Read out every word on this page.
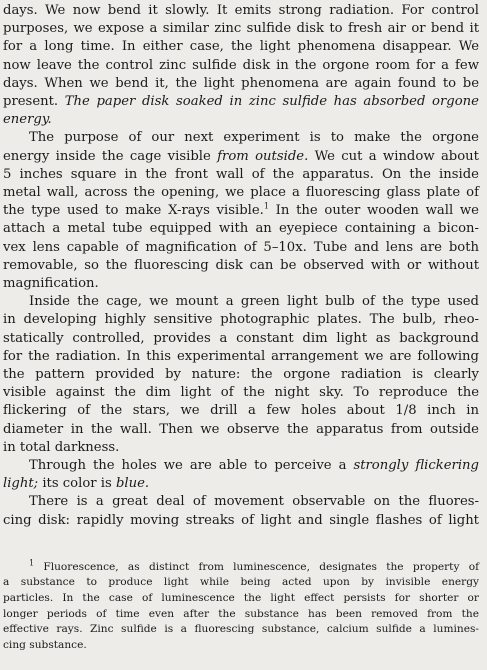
days. We now bend it slowly. It emits strong radiation. For control
purposes, we expose a similar zinc sulfide disk to fresh air or bend it
for a long time. In either case, the light phenomena disappear. We
now leave the control zinc sulfide disk in the orgone room for a few
days. When we bend it, the light phenomena are again found to be
present. The paper disk soaked in zinc sulfide has absorbed orgone
energy.
The purpose of our next experiment is to make the orgone
energy inside the cage visible from outside. We cut a window about
5 inches square in the front wall of the apparatus. On the inside
metal wall, across the opening, we place a fluorescing glass plate of
the type used to make X-rays visible.$^1$ In the outer wooden wall we
attach a metal tube equipped with an eyepiece containing a bicon-
vex lens capable of magnification of 5–10x. Tube and lens are both
removable, so the fluorescing disk can be observed with or without
magnification.
Inside the cage, we mount a green light bulb of the type used
in developing highly sensitive photographic plates. The bulb, rheo-
statically controlled, provides a constant dim light as background
for the radiation. In this experimental arrangement we are following
the pattern provided by nature: the orgone radiation is clearly
visible against the dim light of the night sky. To reproduce the
flickering of the stars, we drill a few holes about 1/8 inch in
diameter in the wall. Then we observe the apparatus from outside
in total darkness.
Through the holes we are able to perceive a strongly flickering
light; its color is blue.
There is a great deal of movement observable on the fluores-
cing disk: rapidly moving streaks of light and single flashes of light
$^1$ Fluorescence, as distinct from luminescence, designates the property of
a substance to produce light while being acted upon by invisible energy
particles. In the case of luminescence the light effect persists for shorter or
longer periods of time even after the substance has been removed from the
effective rays. Zinc sulfide is a fluorescing substance, calcium sulfide a lumines-
cing substance.
